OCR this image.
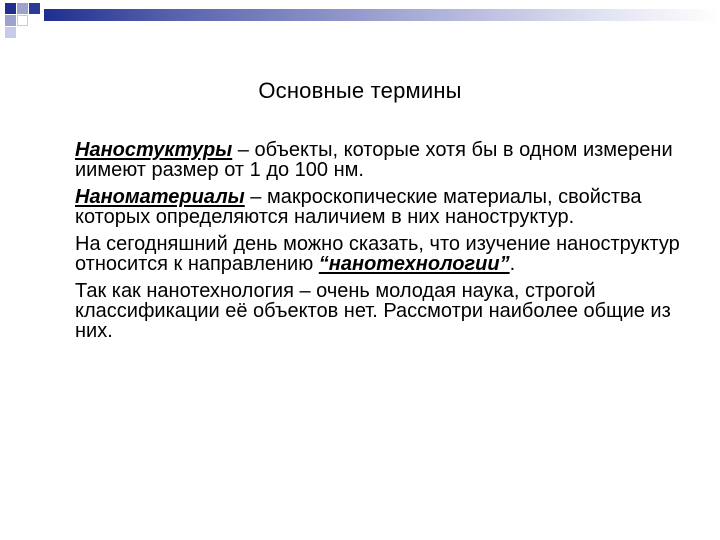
Основные термины

Наностуктуры – объекты, которые хотя бы в одном измерени иимеют размер от 1 до 100 нм.

Наноматериалы – макроскопические материалы, свойства которых определяются наличием в них наноструктур.

На сегодняшний день можно сказать, что изучение наноструктур относится к направлению “нанотехнологии”.

Так как нанотехнология – очень молодая наука, строгой классификации её объектов нет. Рассмотри наиболее общие из них.
